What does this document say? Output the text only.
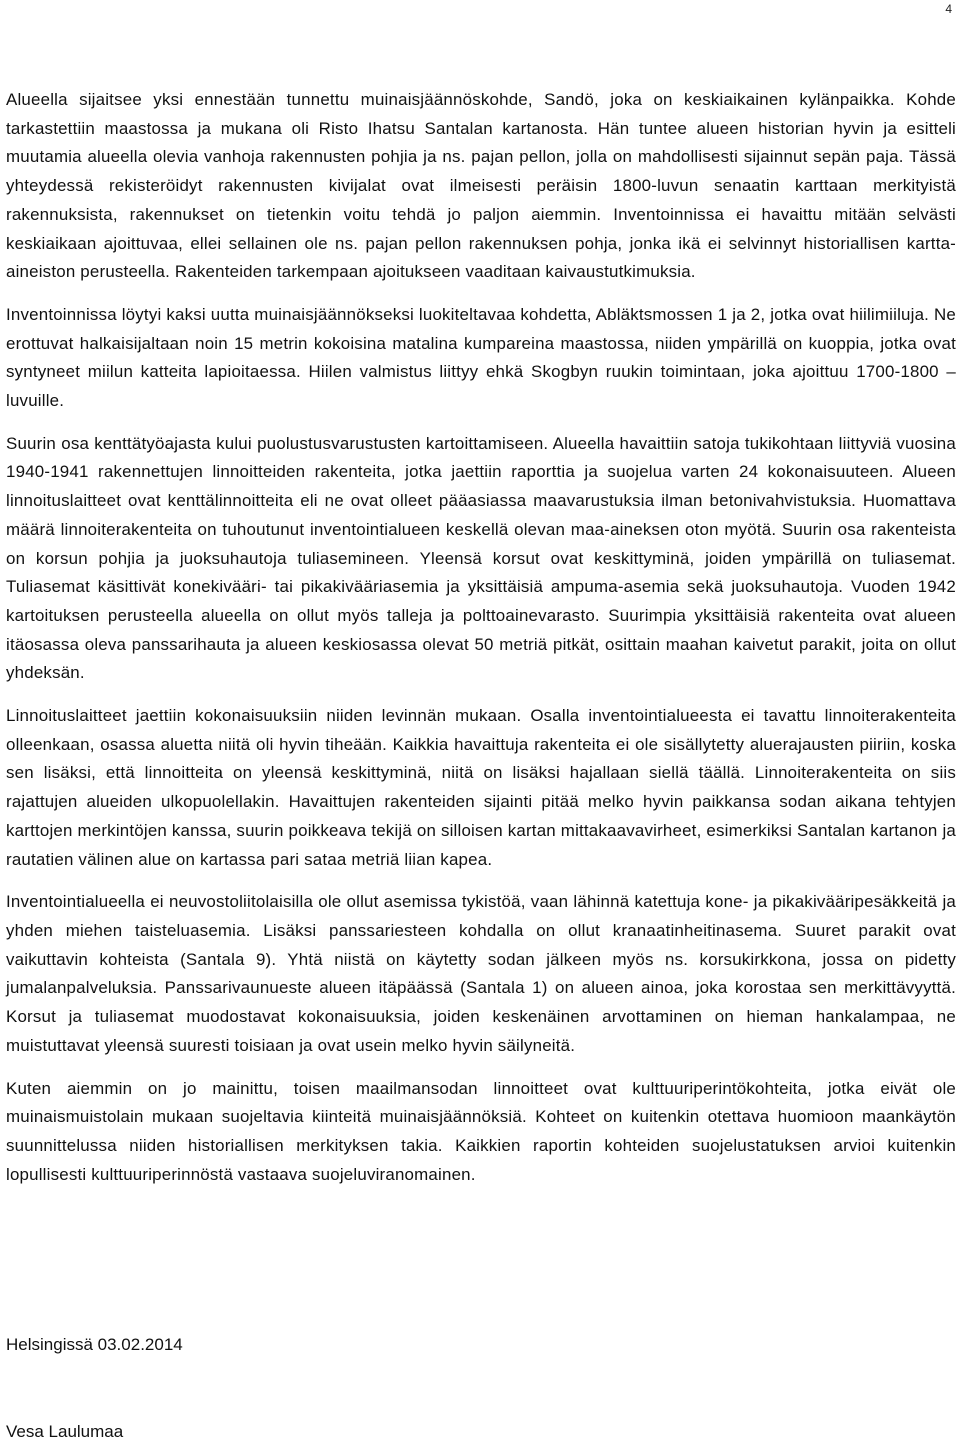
4

Alueella sijaitsee yksi ennestään tunnettu muinaisjäännöskohde, Sandö, joka on keskiaikainen kylänpaikka. Kohde tarkastettiin maastossa ja mukana oli Risto Ihatsu Santalan kartanosta. Hän tuntee alueen historian hyvin ja esitteli muutamia alueella olevia vanhoja rakennusten pohjia ja ns. pajan pellon, jolla on mahdollisesti sijainnut sepän paja. Tässä yhteydessä rekisteröidyt rakennusten kivijalat ovat ilmeisesti peräisin 1800-luvun senaatin karttaan merkityistä rakennuksista, rakennukset on tietenkin voitu tehdä jo paljon aiemmin. Inventoinnissa ei havaittu mitään selvästi keskiaikaan ajoittuvaa, ellei sellainen ole ns. pajan pellon rakennuksen pohja, jonka ikä ei selvinnyt historiallisen kartta-aineiston perusteella. Rakenteiden tarkempaan ajoitukseen vaaditaan kaivaustutkimuksia.

Inventoinnissa löytyi kaksi uutta muinaisjäännökseksi luokiteltavaa kohdetta, Abläktsmossen 1 ja 2, jotka ovat hiilimiiluja. Ne erottuvat halkaisijaltaan noin 15 metrin kokoisina matalina kumpareina maastossa, niiden ympärillä on kuoppia, jotka ovat syntyneet miilun katteita lapioitaessa. Hiilen valmistus liittyy ehkä Skogbyn ruukin toimintaan, joka ajoittuu 1700-1800 –luvuille.

Suurin osa kenttätyöajasta kului puolustusvarustusten kartoittamiseen. Alueella havaittiin satoja tukikohtaan liittyviä vuosina 1940-1941 rakennettujen linnoitteiden rakenteita, jotka jaettiin raporttia ja suojelua varten 24 kokonaisuuteen. Alueen linnoituslaitteet ovat kenttälinnoitteita eli ne ovat olleet pääasiassa maavarustuksia ilman betonivahvistuksia. Huomattava määrä linnoiterakenteita on tuhoutunut inventointialueen keskellä olevan maa-aineksen oton myötä. Suurin osa rakenteista on korsun pohjia ja juoksuhautoja tuliasemineen. Yleensä korsut ovat keskittyminä, joiden ympärillä on tuliasemat. Tuliasemat käsittivät konekivääri- tai pikakivääriasemia ja yksittäisiä ampuma-asemia sekä juoksuhautoja. Vuoden 1942 kartoituksen perusteella alueella on ollut myös talleja ja polttoainevarasto. Suurimpia yksittäisiä rakenteita ovat alueen itäosassa oleva panssarihauta ja alueen keskiosassa olevat 50 metriä pitkät, osittain maahan kaivetut parakit, joita on ollut yhdeksän.

Linnoituslaitteet jaettiin kokonaisuuksiin niiden levinnän mukaan. Osalla inventointialueesta ei tavattu linnoiterakenteita olleenkaan, osassa aluetta niitä oli hyvin tiheään. Kaikkia havaittuja rakenteita ei ole sisällytetty aluerajausten piiriin, koska sen lisäksi, että linnoitteita on yleensä keskittyminä, niitä on lisäksi hajallaan siellä täällä. Linnoiterakenteita on siis rajattujen alueiden ulkopuolellakin. Havaittujen rakenteiden sijainti pitää melko hyvin paikkansa sodan aikana tehtyjen karttojen merkintöjen kanssa, suurin poikkeava tekijä on silloisen kartan mittakaavavirheet, esimerkiksi Santalan kartanon ja rautatien välinen alue on kartassa pari sataa metriä liian kapea.

Inventointialueella ei neuvostoliitolaisilla ole ollut asemissa tykistöä, vaan lähinnä katettuja kone- ja pikakivääripesäkkeitä ja yhden miehen taisteluasemia. Lisäksi panssariesteen kohdalla on ollut kranaatinheitinasema. Suuret parakit ovat vaikuttavin kohteista (Santala 9). Yhtä niistä on käytetty sodan jälkeen myös ns. korsukirkkona, jossa on pidetty jumalanpalveluksia. Panssarivaunueste alueen itäpäässä (Santala 1) on alueen ainoa, joka korostaa sen merkittävyyttä. Korsut ja tuliasemat muodostavat kokonaisuuksia, joiden keskenäinen arvottaminen on hieman hankalampaa, ne muistuttavat yleensä suuresti toisiaan ja ovat usein melko hyvin säilyneitä.

Kuten aiemmin on jo mainittu, toisen maailmansodan linnoitteet ovat kulttuuriperintökohteita, jotka eivät ole muinaismuistolain mukaan suojeltavia kiinteitä muinaisjäännöksiä. Kohteet on kuitenkin otettava huomioon maankäytön suunnittelussa niiden historiallisen merkityksen takia. Kaikkien raportin kohteiden suojelustatuksen arvioi kuitenkin lopullisesti kulttuuriperinnöstä vastaava suojeluviranomainen.

Helsingissä 03.02.2014
Vesa Laulumaa
